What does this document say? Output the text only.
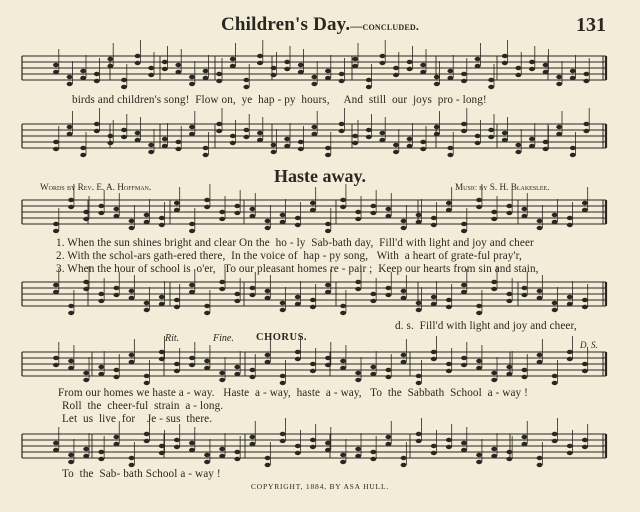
Children's Day.—concluded.	131
birds and children's song!  Flow on,  ye  hap - py  hours,     And  still  our  joys  pro - long!
Haste away.
Words by Rev. E. A. Hoffman.	Music by S. H. Blakeslee.
1. When the sun shines bright and clear On the  ho - ly  Sab-bath day,  Fill'd with light and joy and cheer
2. With the schol-ars gath-ered there,  In the voice of  hap - py song,   With  a heart of grate-ful pray'r,
3. When the hour of school is  o'er,   To our pleasant homes re - pair ;  Keep our hearts from sin and stain,
d. s.  Fill'd with light and joy and cheer,
Rit.	Fine. CHORUS.
D. S.
From our homes we haste a - way.   Haste  a - way,  haste  a - way,   To  the  Sabbath  School  a - way !
Roll  the  cheer-ful  strain  a - long.
Let  us  live  for    Je - sus  there.
To  the  Sab- bath School a - way !
COPYRIGHT, 1884, BY ASA HULL.
